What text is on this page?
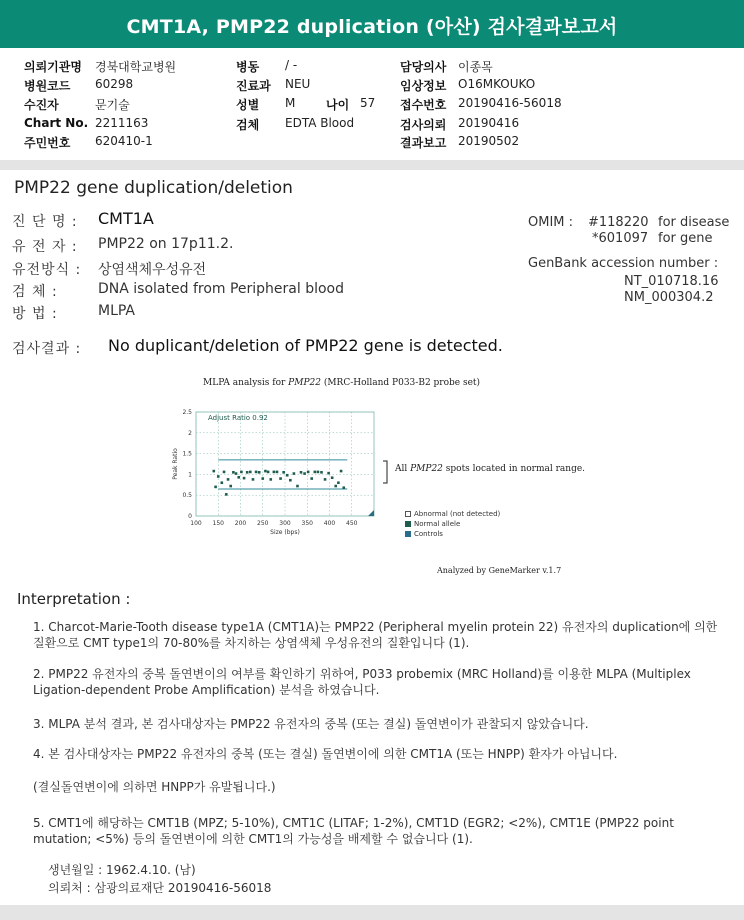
CMT1A, PMP22 duplication (아산) 검사결과보고서
의뢰기관명 경북대학교병원
병원코드 60298
수진자	문기술
Chart No. 2211163
주민번호 620410-1
병동 / -
진료과 NEU
성별 M	나이 57
검체 EDTA Blood
담당의사 이종목
임상정보 O16MKOUKO
접수번호 20190416-56018
검사의뢰 20190416
결과보고 20190502
PMP22 gene duplication/deletion
진 단 명 : CMT1A
유 전 자 : PMP22 on 17p11.2.
유전방식 : 상염색체우성유전
검 체 :	DNA isolated from Peripheral blood
방 법 :	MLPA
검사결과 : No duplicant/deletion of PMP22 gene is detected.
OMIM : #118220 for disease
*601097 for gene
GenBank accession number :
NT_010718.16
NM_000304.2
MLPA analysis for PMP22 (MRC-Holland P033-B2 probe set)
0
0.5
1
1.5
2
2.5
100 150 200 250 300 350 400 450
Adjust Ratio 0.92
Peak Ratio
Size (bps)
All PMP22 spots located in normal range.
Abnormal (not detected)
Normal allele
Controls
Analyzed by GeneMarker v.1.7
Interpretation :
1. Charcot-Marie-Tooth disease type1A (CMT1A)는 PMP22 (Peripheral myelin protein 22) 유전자의 duplication에 의한 질환으로 CMT type1의 70-80%를 차지하는 상염색체 우성유전의 질환입니다 (1).
2. PMP22 유전자의 중복 돌연변이의 여부를 확인하기 위하여, P033 probemix (MRC Holland)를 이용한 MLPA (Multiplex Ligation-dependent Probe Amplification) 분석을 하였습니다.
3. MLPA 분석 결과, 본 검사대상자는 PMP22 유전자의 중복 (또는 결실) 돌연변이가 관찰되지 않았습니다.
4. 본 검사대상자는 PMP22 유전자의 중복 (또는 결실) 돌연변이에 의한 CMT1A (또는 HNPP) 환자가 아닙니다.
(결실돌연변이에 의하면 HNPP가 유발됩니다.)
5. CMT1에 해당하는 CMT1B (MPZ; 5-10%), CMT1C (LITAF; 1-2%), CMT1D (EGR2; <2%), CMT1E (PMP22 point mutation; <5%) 등의 돌연변이에 의한 CMT1의 가능성을 배제할 수 없습니다 (1).
생년월일 : 1962.4.10. (남)
의뢰처 : 삼광의료재단 20190416-56018
